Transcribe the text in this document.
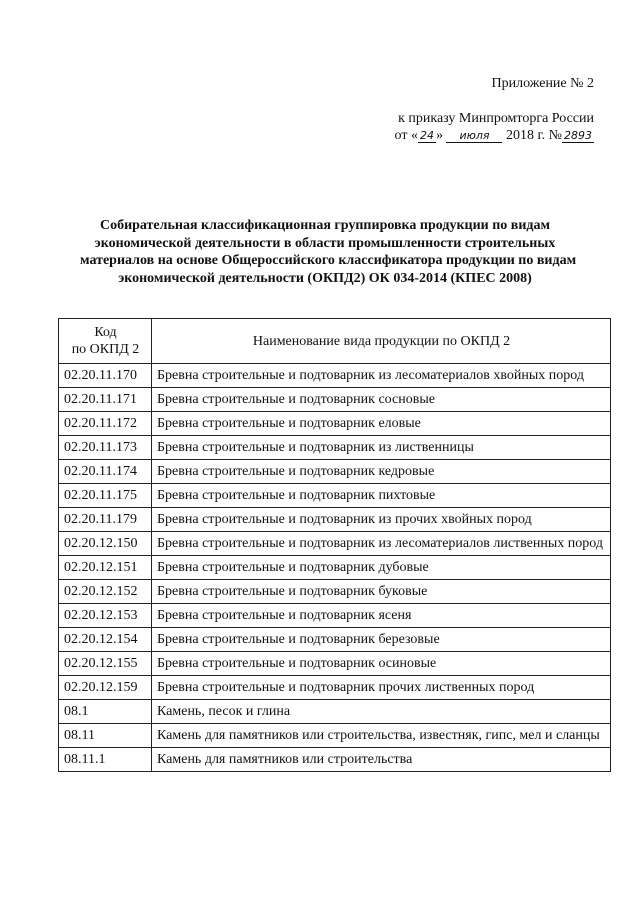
Приложение № 2
к приказу Минпромторга России
от « 24 » июля 2018 г. № 2893
Собирательная классификационная группировка продукции по видам
экономической деятельности в области промышленности строительных
материалов на основе Общероссийского классификатора продукции по видам
экономической деятельности (ОКПД2) ОК 034-2014 (КПЕС 2008)
Код
по ОКПД 2	Наименование вида продукции по ОКПД 2
02.20.11.170	Бревна строительные и подтоварник из лесоматериалов хвойных пород
02.20.11.171	Бревна строительные и подтоварник сосновые
02.20.11.172	Бревна строительные и подтоварник еловые
02.20.11.173	Бревна строительные и подтоварник из лиственницы
02.20.11.174	Бревна строительные и подтоварник кедровые
02.20.11.175	Бревна строительные и подтоварник пихтовые
02.20.11.179	Бревна строительные и подтоварник из прочих хвойных пород
02.20.12.150	Бревна строительные и подтоварник из лесоматериалов лиственных пород
02.20.12.151	Бревна строительные и подтоварник дубовые
02.20.12.152	Бревна строительные и подтоварник буковые
02.20.12.153	Бревна строительные и подтоварник ясеня
02.20.12.154	Бревна строительные и подтоварник березовые
02.20.12.155	Бревна строительные и подтоварник осиновые
02.20.12.159	Бревна строительные и подтоварник прочих лиственных пород
08.1	Камень, песок и глина
08.11	Камень для памятников или строительства, известняк, гипс, мел и сланцы
08.11.1	Камень для памятников или строительства
